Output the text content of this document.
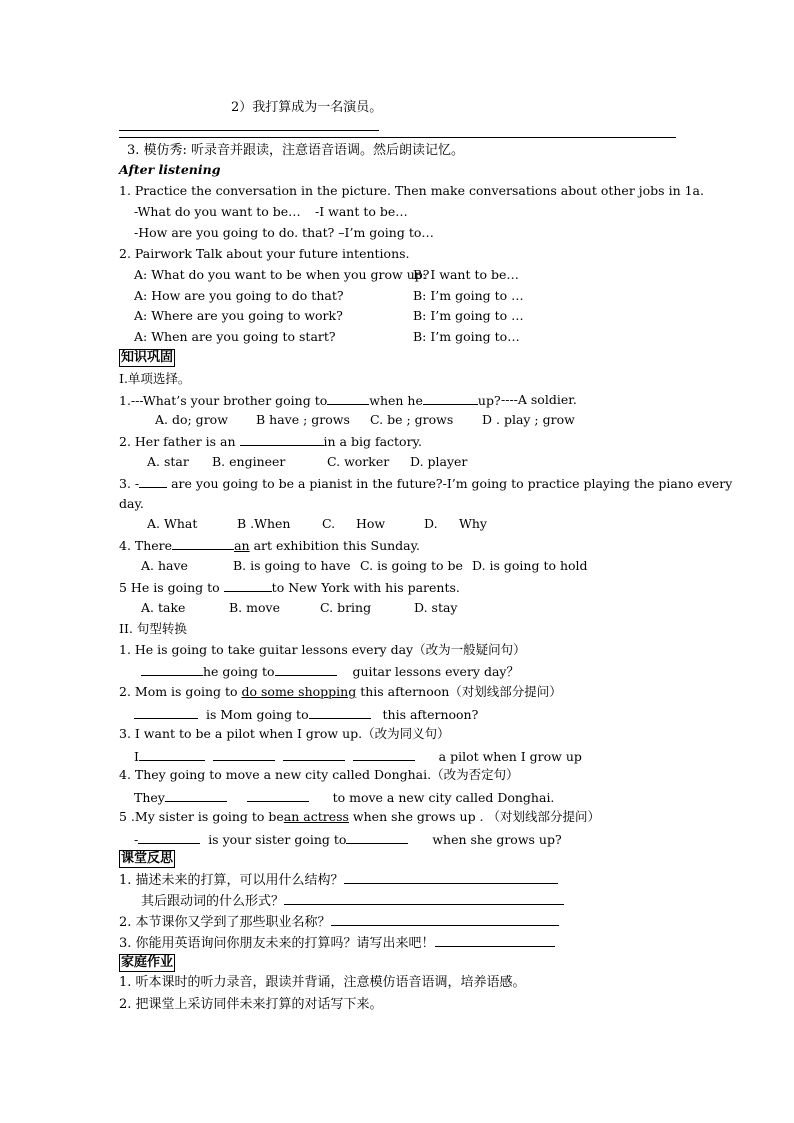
2）我打算成为一名演员。
3. 模仿秀: 听录音并跟读，注意语音语调。然后朗读记忆。
After listening
1. Practice the conversation in the picture. Then make conversations about other jobs in 1a.
-What do you want to be… -I want to be…
-How are you going to do. that? –I’m going to…
2. Pairwork Talk about your future intentions.
A: What do you want to be when you grow up?
B: I want to be…
A: How are you going to do that?	B: I’m going to …
A: Where are you going to work?	B: I’m going to …
A: When are you going to start?	B: I’m going to…
知识巩固
I.单项选择。
1.---What’s your brother going to	when he	up? ----A soldier.
A. do; grow B have ; grows C. be ; grows D . play ; grow
2. Her father is an	in a big factory.
A. star B. engineer	C. worker D. player
3. -	are you going to be a pianist in the future?-I’m going to practice playing the piano every
day.
A. What	B .When	C. How	D. Why
4. There	an art exhibition this Sunday.
A. have	B. is going to have C. is going to be D. is going to hold
5 He is going to	to New York with his parents.
A. take	B. move	C. bring	D. stay
II. 句型转换
1. He is going to take guitar lessons every day（改为一般疑问句）
he going to	guitar lessons every day？
2. Mom is going to do some shopping this afternoon（对划线部分提问）
is Mom going to	this afternoon?
3. I want to be a pilot when I grow up.（改为同义句）
I	a pilot when I grow up
4. They going to move a new city called Donghai.（改为否定句）
They	to move a new city called Donghai.
5 .My sister is going to bean actress when she grows up . （对划线部分提问）
-	is your sister going to	when she grows up?
课堂反思
1. 描述未来的打算，可以用什么结构？
其后跟动词的什么形式？
2. 本节课你又学到了那些职业名称？
3. 你能用英语询问你朋友未来的打算吗？请写出来吧！
家庭作业
1. 听本课时的听力录音，跟读并背诵，注意模仿语音语调，培养语感。
2. 把课堂上采访同伴未来打算的对话写下来。
